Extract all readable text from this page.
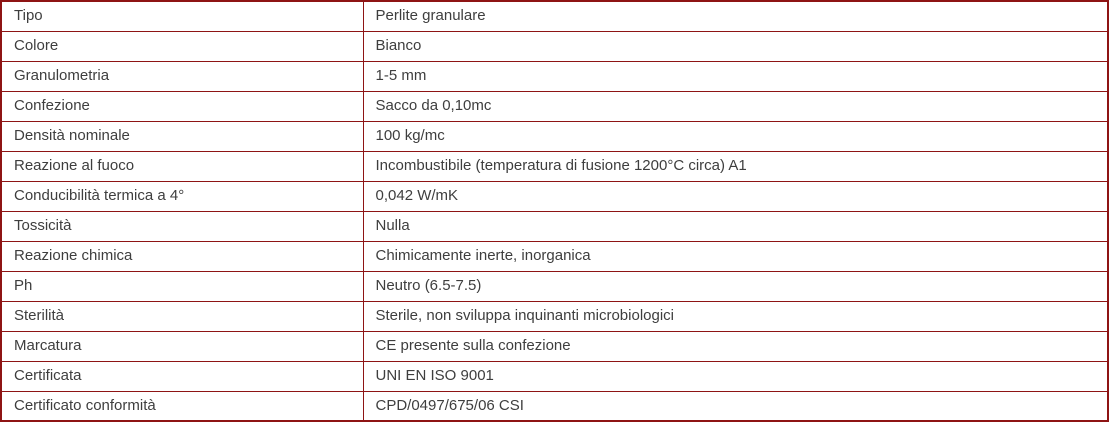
Tipo	Perlite granulare
Colore	Bianco
Granulometria	1-5 mm
Confezione	Sacco da 0,10mc
Densità nominale	100 kg/mc
Reazione al fuoco	Incombustibile (temperatura di fusione 1200°C circa) A1
Conducibilità termica a 4°	0,042 W/mK
Tossicità	Nulla
Reazione chimica	Chimicamente inerte, inorganica
Ph	Neutro (6.5-7.5)
Sterilità	Sterile, non sviluppa inquinanti microbiologici
Marcatura	CE presente sulla confezione
Certificata	UNI EN ISO 9001
Certificato conformità	CPD/0497/675/06 CSI
